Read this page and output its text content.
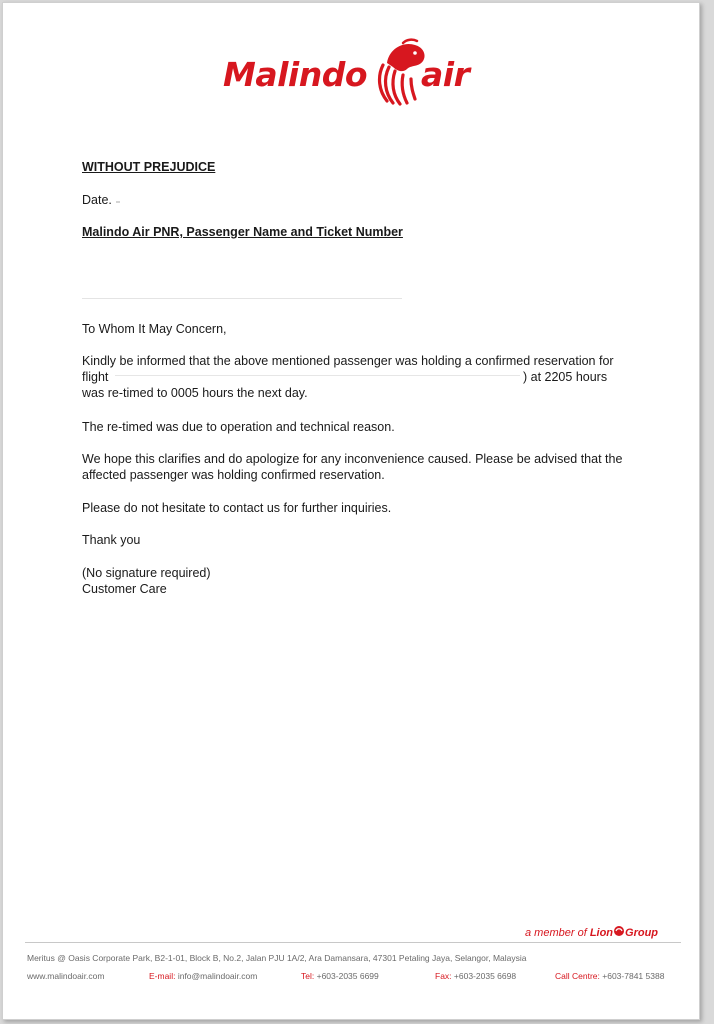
Malindo air
WITHOUT PREJUDICE
Date.
Malindo Air PNR, Passenger Name and Ticket Number
To Whom It May Concern,
Kindly be informed that the above mentioned passenger was holding a confirmed reservation for
flight	) at 2205 hours
was re-timed to 0005 hours the next day.
The re-timed was due to operation and technical reason.
We hope this clarifies and do apologize for any inconvenience caused. Please be advised that the
affected passenger was holding confirmed reservation.
Please do not hesitate to contact us for further inquiries.
Thank you
(No signature required)
Customer Care
a member of Lion Group
Meritus @ Oasis Corporate Park, B2-1-01, Block B, No.2, Jalan PJU 1A/2, Ara Damansara, 47301 Petaling Jaya, Selangor, Malaysia
www.malindoair.com	E-mail: info@malindoair.com	Tel: +603-2035 6699	Fax: +603-2035 6698	Call Centre: +603-7841 5388
